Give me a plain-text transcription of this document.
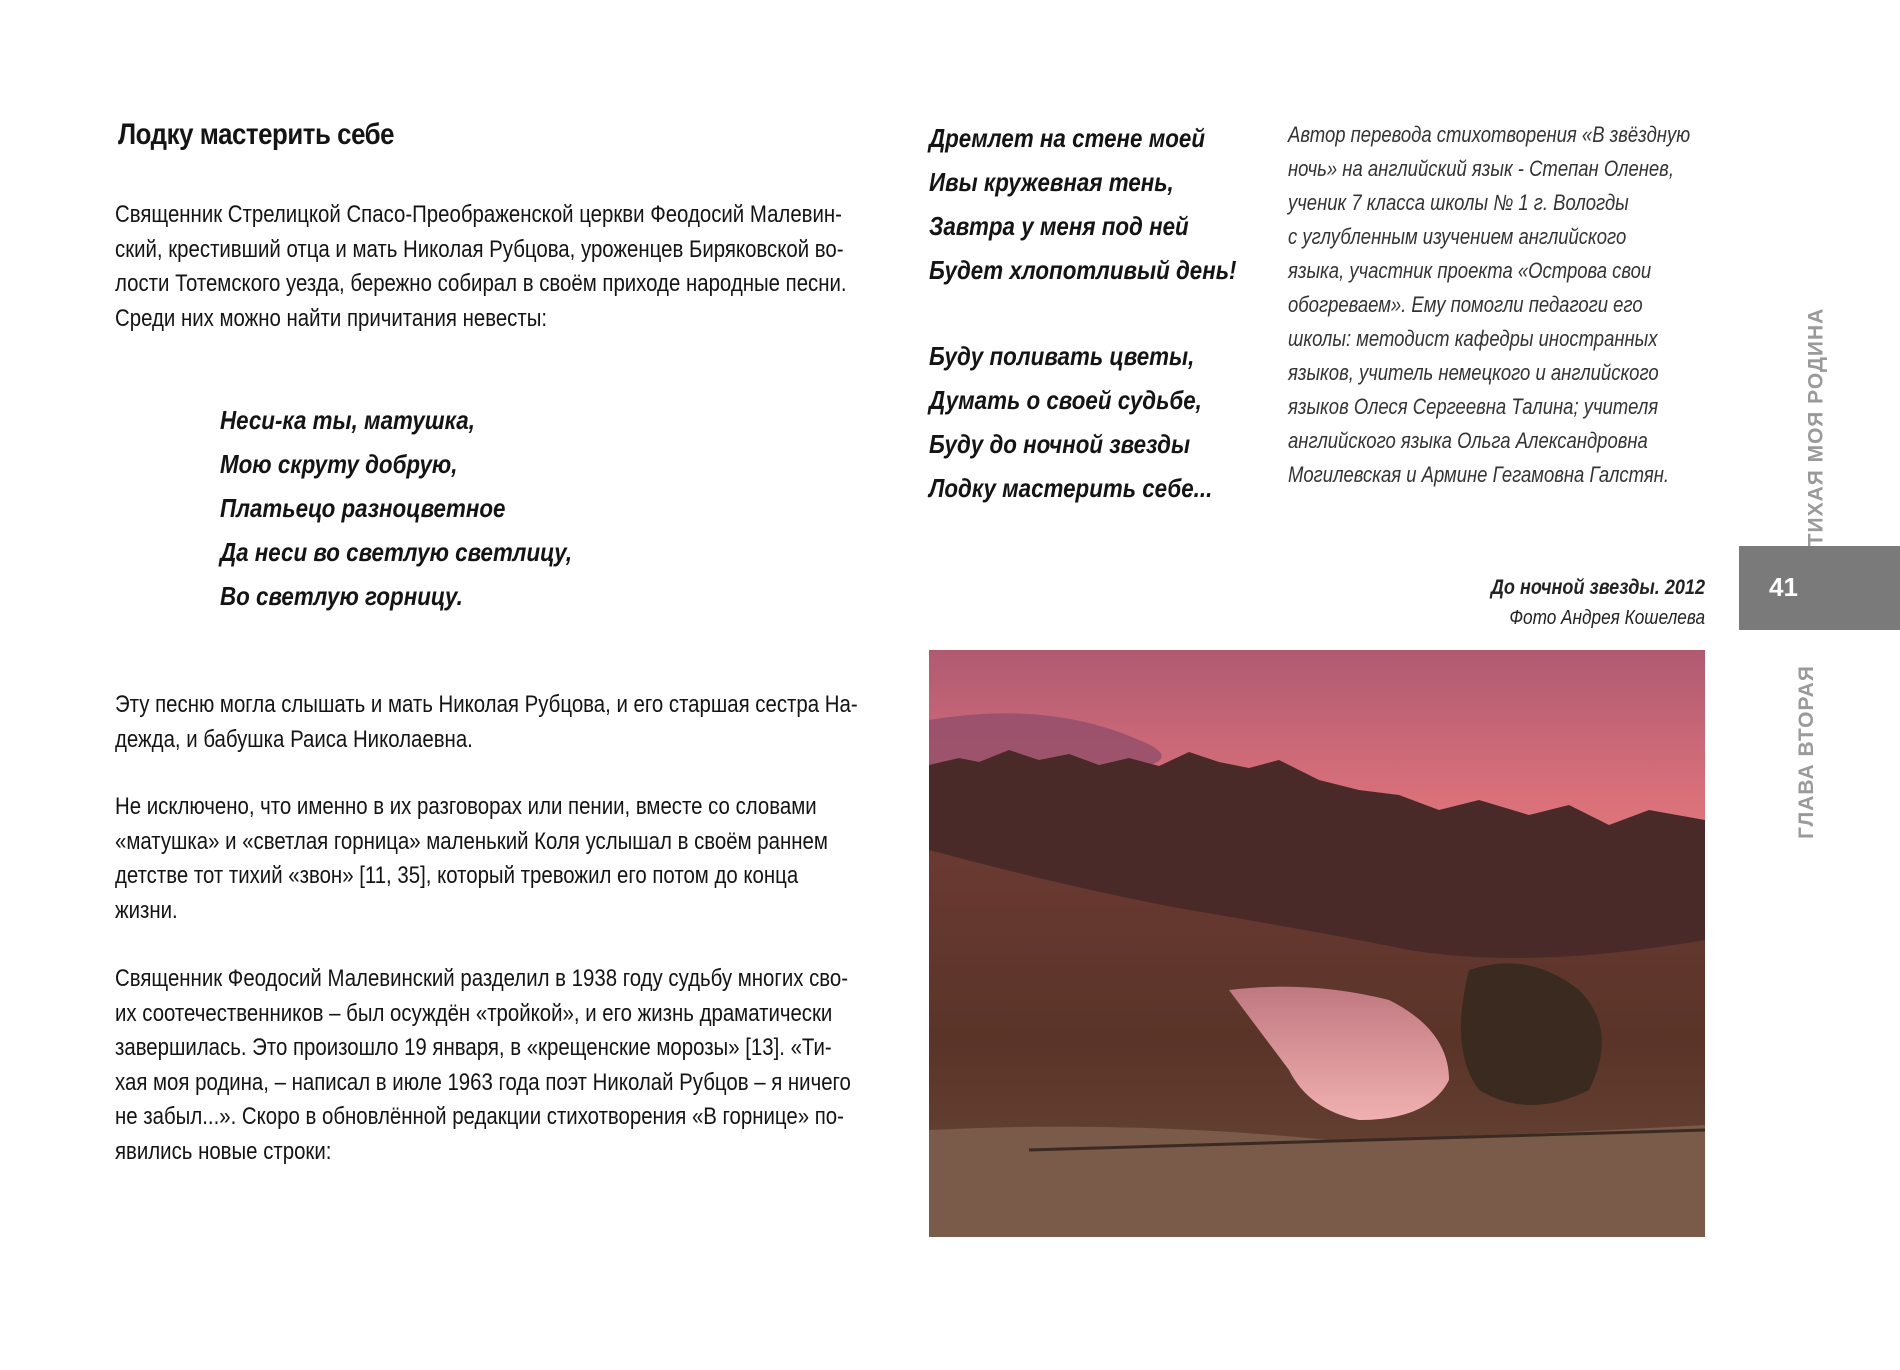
Лодку мастерить себе

Священник Стрелицкой Спасо-Преображенской церкви Феодосий Малевин-
ский, крестивший отца и мать Николая Рубцова, уроженцев Биряковской во-
лости Тотемского уезда, бережно собирал в своём приходе народные песни.
Среди них можно найти причитания невесты:

Неси-ка ты, матушка,
Мою скруту добрую,
Платьецо разноцветное
Да неси во светлую светлицу,
Во светлую горницу.

Эту песню могла слышать и мать Николая Рубцова, и его старшая сестра На-
дежда, и бабушка Раиса Николаевна.

Не исключено, что именно в их разговорах или пении, вместе со словами
«матушка» и «светлая горница» маленький Коля услышал в своём раннем
детстве тот тихий «звон» [11, 35], который тревожил его потом до конца
жизни.

Священник Феодосий Малевинский разделил в 1938 году судьбу многих сво-
их соотечественников – был осуждён «тройкой», и его жизнь драматически
завершилась. Это произошло 19 января, в «крещенские морозы» [13]. «Ти-
хая моя родина, – написал в июле 1963 года поэт Николай Рубцов – я ничего
не забыл...». Скоро в обновлённой редакции стихотворения «В горнице» по-
явились новые строки:

Дремлет на стене моей
Ивы кружевная тень,
Завтра у меня под ней
Будет хлопотливый день!
Буду поливать цветы,
Думать о своей судьбе,
Буду до ночной звезды
Лодку мастерить себе...
Автор перевода стихотворения «В звёздную
ночь» на английский язык - Степан Оленев,
ученик 7 класса школы № 1 г. Вологды
с углубленным изучением английского
языка, участник проекта «Острова свои
обогреваем». Ему помогли педагоги его
школы: методист кафедры иностранных
языков, учитель немецкого и английского
языков Олеся Сергеевна Талина; учителя
английского языка Ольга Александровна
Могилевская и Армине Гегамовна Галстян.
До ночной звезды. 2012
Фото Андрея Кошелева
ТИХАЯ МОЯ РОДИНА
41
ГЛАВА ВТОРАЯ
